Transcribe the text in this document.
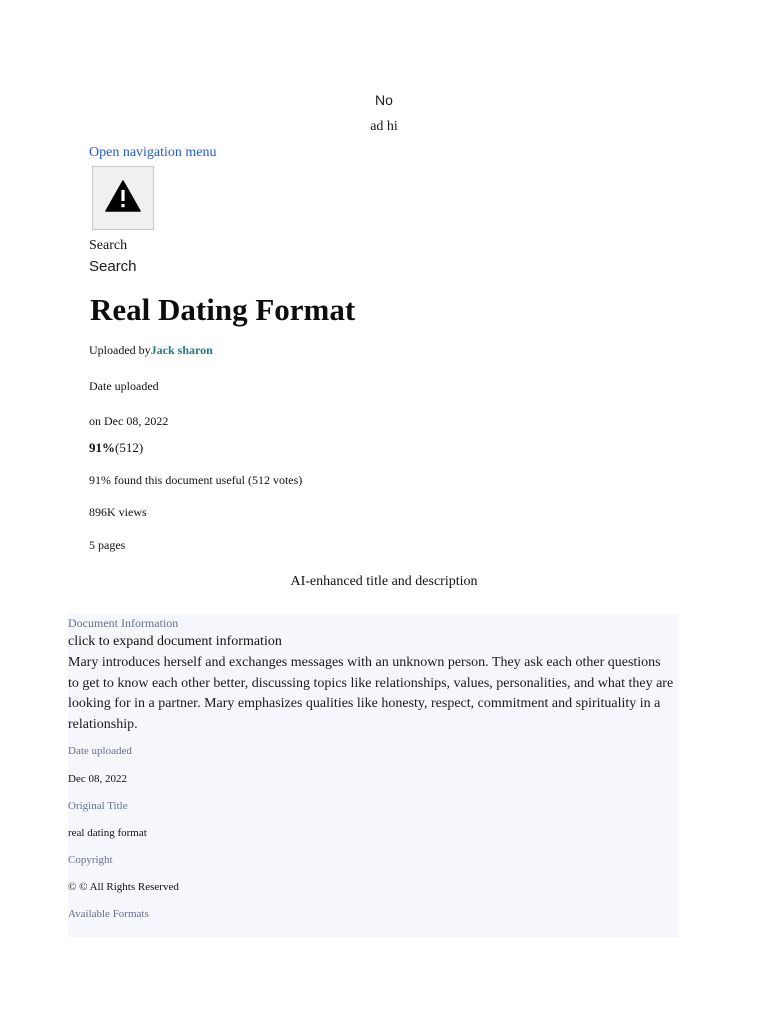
No
ad hi
Open navigation menu
Search
Search
Real Dating Format
Uploaded byJack sharon
Date uploaded
on Dec 08, 2022
91%(512)
91% found this document useful (512 votes)
896K views
5 pages
AI-enhanced title and description
Document Information
click to expand document information

Mary introduces herself and exchanges messages with an unknown person. They ask each other questions to get to know each other better, discussing topics like relationships, values, personalities, and what they are looking for in a partner. Mary emphasizes qualities like honesty, respect, commitment and spirituality in a relationship.

Date uploaded
Dec 08, 2022
Original Title
real dating format
Copyright
© © All Rights Reserved
Available Formats
